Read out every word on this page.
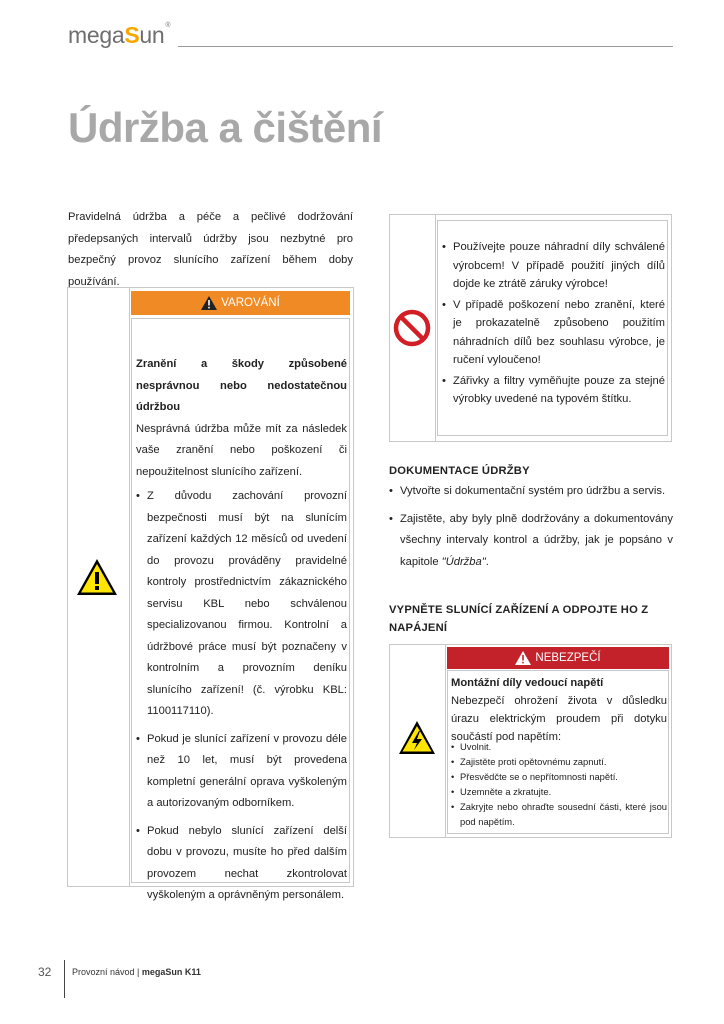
megaSun®
Údržba a čištění
Pravidelná údržba a péče a pečlivé dodržování předepsaných intervalů údržby jsou nezbytné pro bezpečný provoz slunícího zařízení během doby používání.
VAROVÁNÍ
Zranění a škody způsobené nesprávnou nebo nedostatečnou údržbou
Nesprávná údržba může mít za následek vaše zranění nebo poškození či nepoužitelnost slunícího zařízení.
• Z důvodu zachování provozní bezpečnosti musí být na slunícím zařízení každých 12 měsíců od uvedení do provozu prováděny pravidelné kontroly prostřednictvím zákaznického servisu KBL nebo schválenou specializovanou firmou. Kontrolní a údržbové práce musí být poznačeny v kontrolním a provozním deníku slunícího zařízení! (č. výrobku KBL: 1100117110).
• Pokud je slunící zařízení v provozu déle než 10 let, musí být provedena kompletní generální oprava vyškoleným a autorizovaným odborníkem.
• Pokud nebylo slunící zařízení delší dobu v provozu, musíte ho před dalším provozem nechat zkontrolovat vyškoleným a oprávněným personálem.
• Používejte pouze náhradní díly schválené výrobcem! V případě použití jiných dílů dojde ke ztrátě záruky výrobce!
• V případě poškození nebo zranění, které je prokazatelně způsobeno použitím náhradních dílů bez souhlasu výrobce, je ručení vyloučeno!
• Zářivky a filtry vyměňujte pouze za stejné výrobky uvedené na typovém štítku.
DOKUMENTACE ÚDRŽBY
• Vytvořte si dokumentační systém pro údržbu a servis.
• Zajistěte, aby byly plně dodržovány a dokumentovány všechny intervaly kontrol a údržby, jak je popsáno v kapitole "Údržba".
VYPNĚTE SLUNÍCÍ ZAŘÍZENÍ A ODPOJTE HO Z NAPÁJENÍ
NEBEZPEČÍ
Montážní díly vedoucí napětí
Nebezpečí ohrožení života v důsledku úrazu elektrickým proudem při dotyku součástí pod napětím:
• Uvolnit.
• Zajistěte proti opětovnému zapnutí.
• Přesvědčte se o nepřítomnosti napětí.
• Uzemněte a zkratujte.
• Zakryjte nebo ohraďte sousední části, které jsou pod napětím.
32 Provozní návod | megaSun K11
